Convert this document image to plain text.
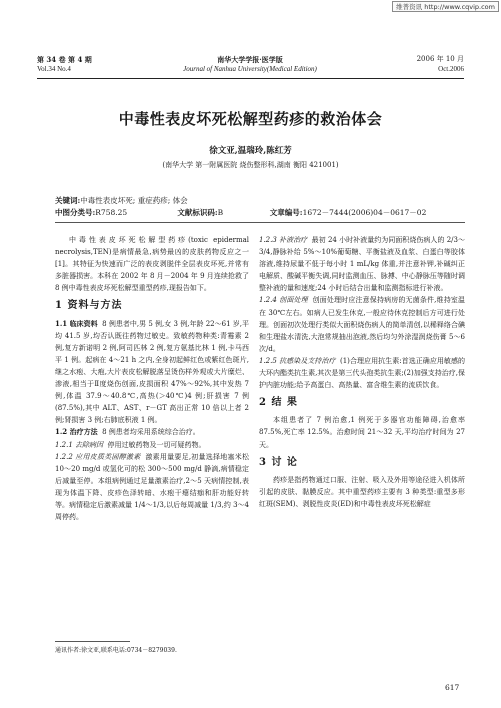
维普资讯 http://www.cqvip.com
第 34 卷 第 4 期
Vol.34 No.4
南华大学学报·医学版
Journal of Nanhua University(Medical Edition)
2006 年 10 月
Oct.2006
中毒性表皮坏死松解型药疹的救治体会
徐文亚,温瑞玲,陈红芳
(南华大学 第一附属医院 烧伤整形科,湖南 衡阳 421001)
关键词:中毒性表皮坏死; 重症药疹; 体会
中图分类号:R758.25	文献标识码:B	文章编号:1672－7444(2006)04－0617－02

中毒性表皮坏死松解型药疹(toxic epidermal necrolysis,TEN)是病情最急,病势最凶的皮肤药物反应之一[1]。其特征为快速而广泛的表皮剥脱伴全层表皮坏死,并常有多脏器损害。本科在 2002 年 8 月－2004 年 9 月连续抢救了 8 例中毒性表皮坏死松解型重型药疹,现报告如下。

1 资料与方法

1.1 临床资料 8 例患者中,男 5 例,女 3 例,年龄 22～61 岁,平均 41.5 岁,均否认既往药物过敏史。致敏药物种类:青霉素 2 例,复方新诺明 2 例,阿司匹林 2 例,复方氨基比林 1 例,卡马西平 1 例。起病在 4～21 h 之内,全身初起鲜红色或紫红色斑片,继之水疱、大疱,大片表皮松解脱落呈烫伤样外观或大片糜烂、渗液,相当于Ⅱ度烧伤创面,皮损面积 47%～92%,其中发热 7 例,体温 37.9～40.8℃,高热(＞40℃)4 例;肝损害 7 例(87.5%),其中 ALT、AST、r－GT 高出正常 10 倍以上者 2 例;肾损害 3 例;右肺底积液 1 例。

1.2 治疗方法 8 例患者均采用系统综合治疗。

1.2.1 去除病因 停用过敏药物及一切可疑药物。

1.2.2 应用皮质类固醇激素 激素用量要足,初量选择地塞米松 10～20 mg/d 或氢化可的松 300～500 mg/d 静滴,病情稳定后减量至停。本组病例通过足量激素治疗,2～5 天病情控制,表现为体温下降、皮疹色泽转暗、水疱干瘪结痂和肝功能好转等。病情稳定后激素减量 1/4～1/3,以后每周减量 1/3,约 3～4 周停药。

1.2.3 补液治疗 最初 24 小时补液量约为同面积烧伤病人的 2/3～3/4,静脉补给 5%～10%葡萄糖、平衡盐液及血浆、白蛋白等胶体溶液,维持尿量不低于每小时 1 mL/kg 体重,并注意补钾,补碱纠正电解质、酸碱平衡失调,同时监测血压、脉搏、中心静脉压等随时调整补液的量和速度;24 小时后结合出量和监测指标进行补液。

1.2.4 创面处理 创面处理时应注意保持病房的无菌条件,维持室温在 30℃左右。如病人已发生休克,一般应待休克控制后方可进行处理。创面初次处理行类似大面积烧伤病人的简单清创,以稀释络合碘和生理盐水清洗,大泡常规抽出泡液,然后均匀外涂湿润烧伤膏 5～6 次/d。

1.2.5 抗感染及支持治疗 (1)合理应用抗生素:首选正确应用敏感的大环内酯类抗生素,其次是第三代头孢类抗生素;(2)加强支持治疗,保护内脏功能;给予高蛋白、高热量、富含维生素的流质饮食。

2 结 果

本组患者了 7 例治愈,1 例死于多器官功能障碍,治愈率 87.5%,死亡率 12.5%。治愈时间 21～32 天,平均治疗时间为 27 天。

3 讨 论

药疹是指药物通过口服、注射、吸入及外用等途径进入机体所引起的皮肤、黏膜反应。其中重型药疹主要有 3 种类型:重型多形红斑(SEM)、剥脱性皮炎(ED)和中毒性表皮坏死松解症

通讯作者:徐文亚,联系电话:0734－8279039.
617
